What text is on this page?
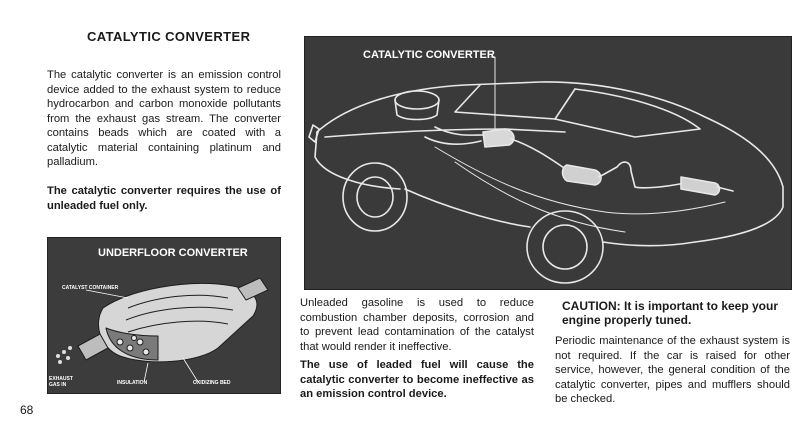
CATALYTIC CONVERTER
The catalytic converter is an emission control device added to the exhaust system to reduce hydrocarbon and carbon monoxide pollutants from the exhaust gas stream. The converter contains beads which are coated with a catalytic material containing platinum and palladium.
The catalytic converter requires the use of unleaded fuel only.
CATALYTIC CONVERTER
UNDERFLOOR CONVERTER
CATALYST CONTAINER
EXHAUST GAS IN	INSULATION	OXIDIZING BED
Unleaded gasoline is used to reduce combustion chamber deposits, corrosion and to prevent lead contamination of the catalyst that would render it ineffective.
The use of leaded fuel will cause the catalytic converter to become ineffective as an emission control device.
CAUTION: It is important to keep your engine properly tuned.
Periodic maintenance of the exhaust system is not required. If the car is raised for other service, however, the general condition of the catalytic converter, pipes and mufflers should be checked.
68
